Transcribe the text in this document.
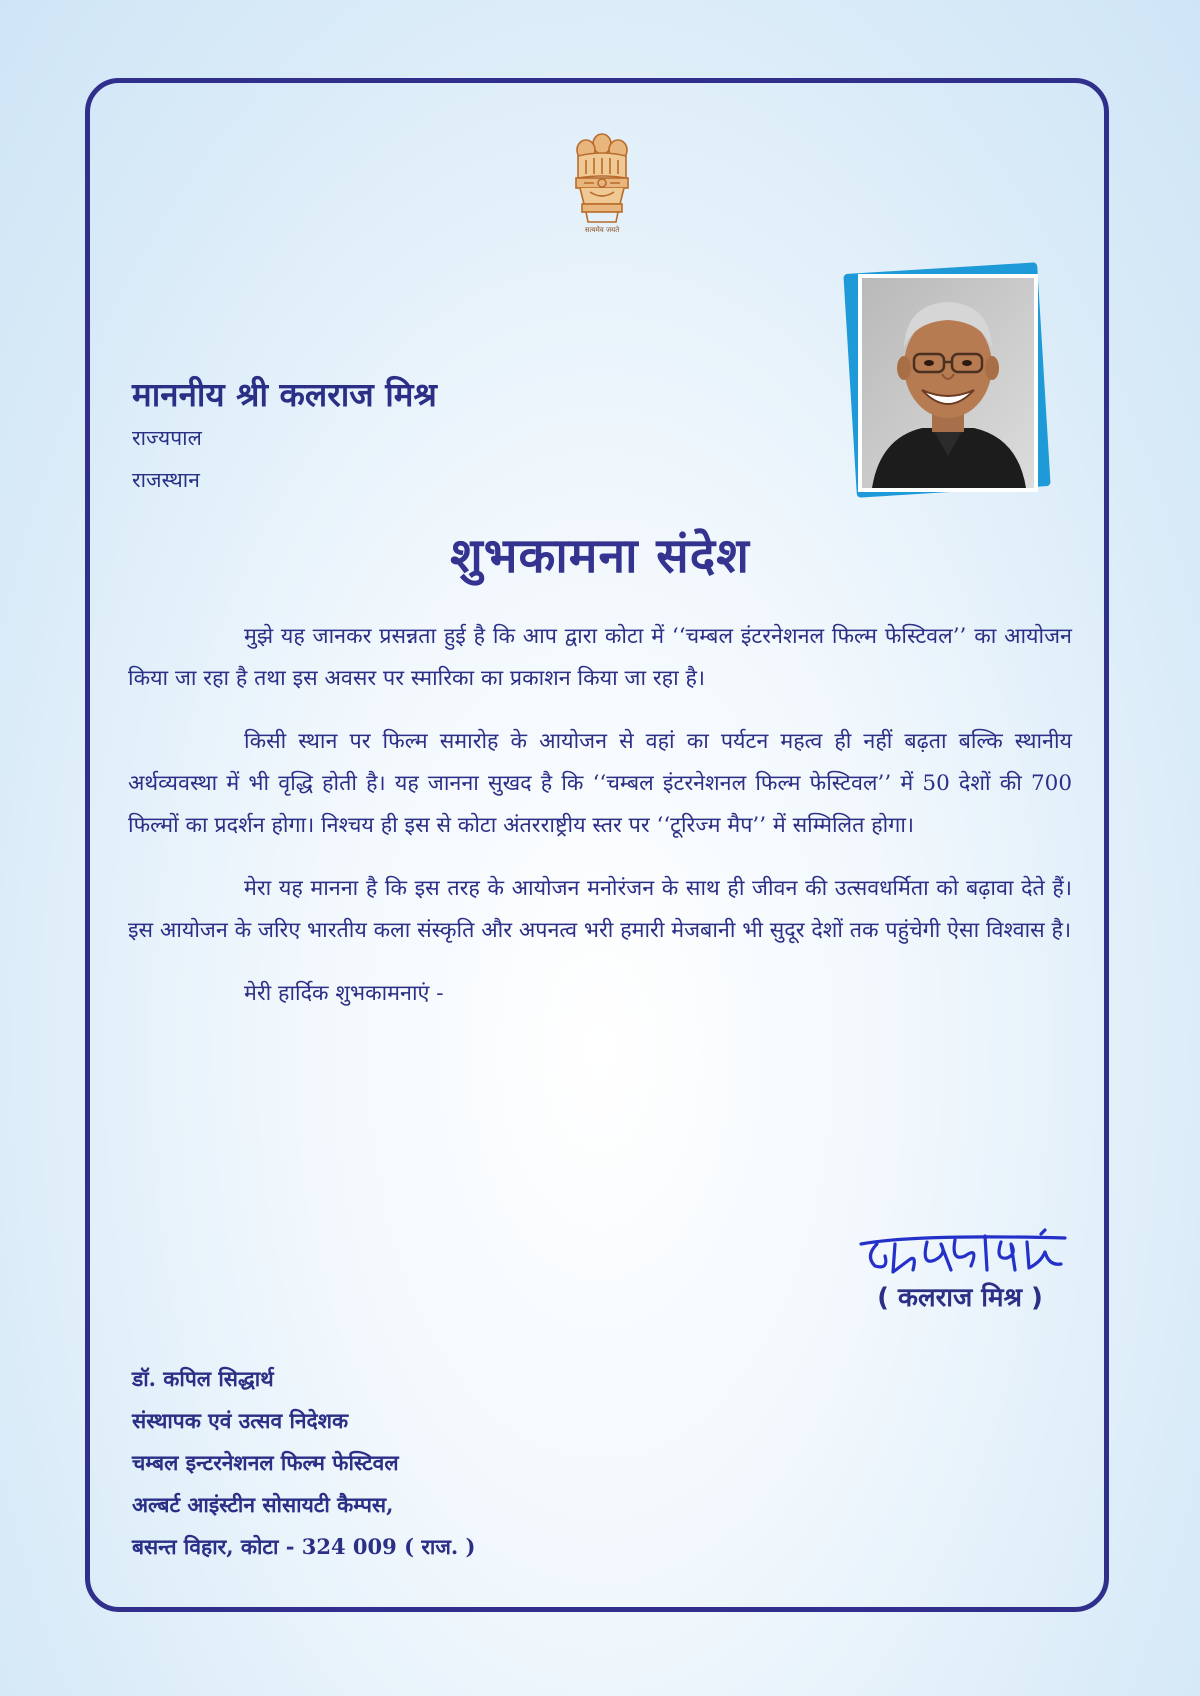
सत्यमेव जयते
माननीय श्री कलराज मिश्र
राज्यपाल
राजस्थान
शुभकामना संदेश

मुझे यह जानकर प्रसन्नता हुई है कि आप द्वारा कोटा में ‘‘चम्बल इंटरनेशनल फिल्म फेस्टिवल’’ का आयोजन किया जा रहा है तथा इस अवसर पर स्मारिका का प्रकाशन किया जा रहा है।

किसी स्थान पर फिल्म समारोह के आयोजन से वहां का पर्यटन महत्व ही नहीं बढ़ता बल्कि स्थानीय अर्थव्यवस्था में भी वृद्धि होती है। यह जानना सुखद है कि ‘‘चम्बल इंटरनेशनल फिल्म फेस्टिवल’’ में 50 देशों की 700 फिल्मों का प्रदर्शन होगा। निश्चय ही इस से कोटा अंतरराष्ट्रीय स्तर पर ‘‘टूरिज्म मैप’’ में सम्मिलित होगा।

मेरा यह मानना है कि इस तरह के आयोजन मनोरंजन के साथ ही जीवन की उत्सवधर्मिता को बढ़ावा देते हैं। इस आयोजन के जरिए भारतीय कला संस्कृति और अपनत्व भरी हमारी मेजबानी भी सुदूर देशों तक पहुंचेगी ऐसा विश्वास है।

मेरी हार्दिक शुभकामनाएं -

( कलराज मिश्र )
डॉ. कपिल सिद्धार्थ
संस्थापक एवं उत्सव निदेशक
चम्बल इन्टरनेशनल फिल्म फेस्टिवल
अल्बर्ट आइंस्टीन सोसायटी कैम्पस,
बसन्त विहार, कोटा - 324 009 ( राज. )
